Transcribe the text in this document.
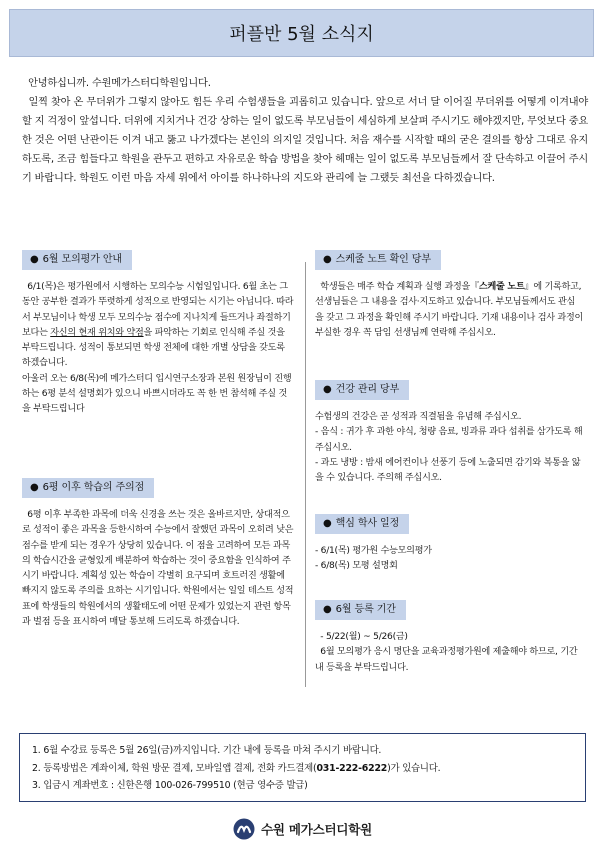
퍼플반 5월 소식지

안녕하십니까. 수원메가스터디학원입니다.

일찍 찾아 온 무더위가 그렇지 않아도 힘든 우리 수험생들을 괴롭히고 있습니다. 앞으로 서너 달 이어질 무더위를 어떻게 이겨내야 할 지 걱정이 앞섭니다. 더위에 지치거나 건강 상하는 일이 없도록 부모님들이 세심하게 보살펴 주시기도 해야겠지만, 무엇보다 중요한 것은 어떤 난관이든 이겨 내고 뚫고 나가겠다는 본인의 의지일 것입니다. 처음 재수를 시작할 때의 굳은 결의를 항상 그대로 유지하도록, 조금 힘들다고 학원을 관두고 편하고 자유로운 학습 방법을 찾아 헤매는 일이 없도록 부모님들께서 잘 단속하고 이끌어 주시기 바랍니다. 학원도 이런 마음 자세 위에서 아이를 하나하나의 지도와 관리에 늘 그랬듯 최선을 다하겠습니다.

● 6월 모의평가 안내

6/1(목)은 평가원에서 시행하는 모의수능 시험일입니다. 6월 초는 그 동안 공부한 결과가 뚜렷하게 성적으로 반영되는 시기는 아닙니다. 따라서 부모님이나 학생 모두 모의수능 점수에 지나치게 들뜨거나 좌절하기보다는 자신의 현재 위치와 약점을 파악하는 기회로 인식해 주실 것을 부탁드립니다. 성적이 통보되면 학생 전체에 대한 개별 상담을 갖도록 하겠습니다.

아울러 오는 6/8(목)에 메가스터디 입시연구소장과 본원 원장님이 진행하는 6평 분석 설명회가 있으니 바쁘시더라도 꼭 한 번 참석해 주실 것을 부탁드립니다

● 6평 이후 학습의 주의점

6평 이후 부족한 과목에 더욱 신경을 쓰는 것은 올바르지만, 상대적으로 성적이 좋은 과목을 등한시하여 수능에서 잘했던 과목이 오히려 낮은 점수를 받게 되는 경우가 상당히 있습니다. 이 점을 고려하여 모든 과목의 학습시간을 균형있게 배분하여 학습하는 것이 중요함을 인식하여 주시기 바랍니다. 계획성 있는 학습이 각별히 요구되며 흐트러진 생활에 빠지지 않도록 주의를 요하는 시기입니다. 학원에서는 일일 테스트 성적표에 학생들의 학원에서의 생활태도에 어떤 문제가 있었는지 관련 항목과 벌점 등을 표시하여 매달 통보해 드리도록 하겠습니다.

● 스케줄 노트 확인 당부

학생들은 매주 학습 계획과 실행 과정을『스케줄 노트』에 기록하고, 선생님들은 그 내용을 검사·지도하고 있습니다. 부모님들께서도 관심을 갖고 그 과정을 확인해 주시기 바랍니다. 기재 내용이나 검사 과정이 부실한 경우 꼭 담임 선생님께 연락해 주십시오.

● 건강 관리 당부

수험생의 건강은 곧 성적과 직결됨을 유념해 주십시오.

- 음식 : 귀가 후 과한 야식, 청량 음료, 빙과류 과다 섭취를 삼가도록 해 주십시오.

- 과도 냉방 : 밤새 에어컨이나 선풍기 등에 노출되면 감기와 복통을 앓을 수 있습니다. 주의해 주십시오.

● 핵심 학사 일정

- 6/1(목) 평가원 수능모의평가

- 6/8(목) 모평 설명회

● 6월 등록 기간

- 5/22(월) ~ 5/26(금)

6월 모의평가 응시 명단을 교육과정평가원에 제출해야 하므로, 기간 내 등록을 부탁드립니다.

1. 6월 수강료 등록은 5월 26일(금)까지입니다. 기간 내에 등록을 마쳐 주시기 바랍니다.

2. 등록방법은 계좌이체, 학원 방문 결제, 모바일앱 결제, 전화 카드결제(031-222-6222)가 있습니다.

3. 입금시 계좌번호 : 신한은행 100-026-799510 (현금 영수증 발급)

수원 메가스터디학원
